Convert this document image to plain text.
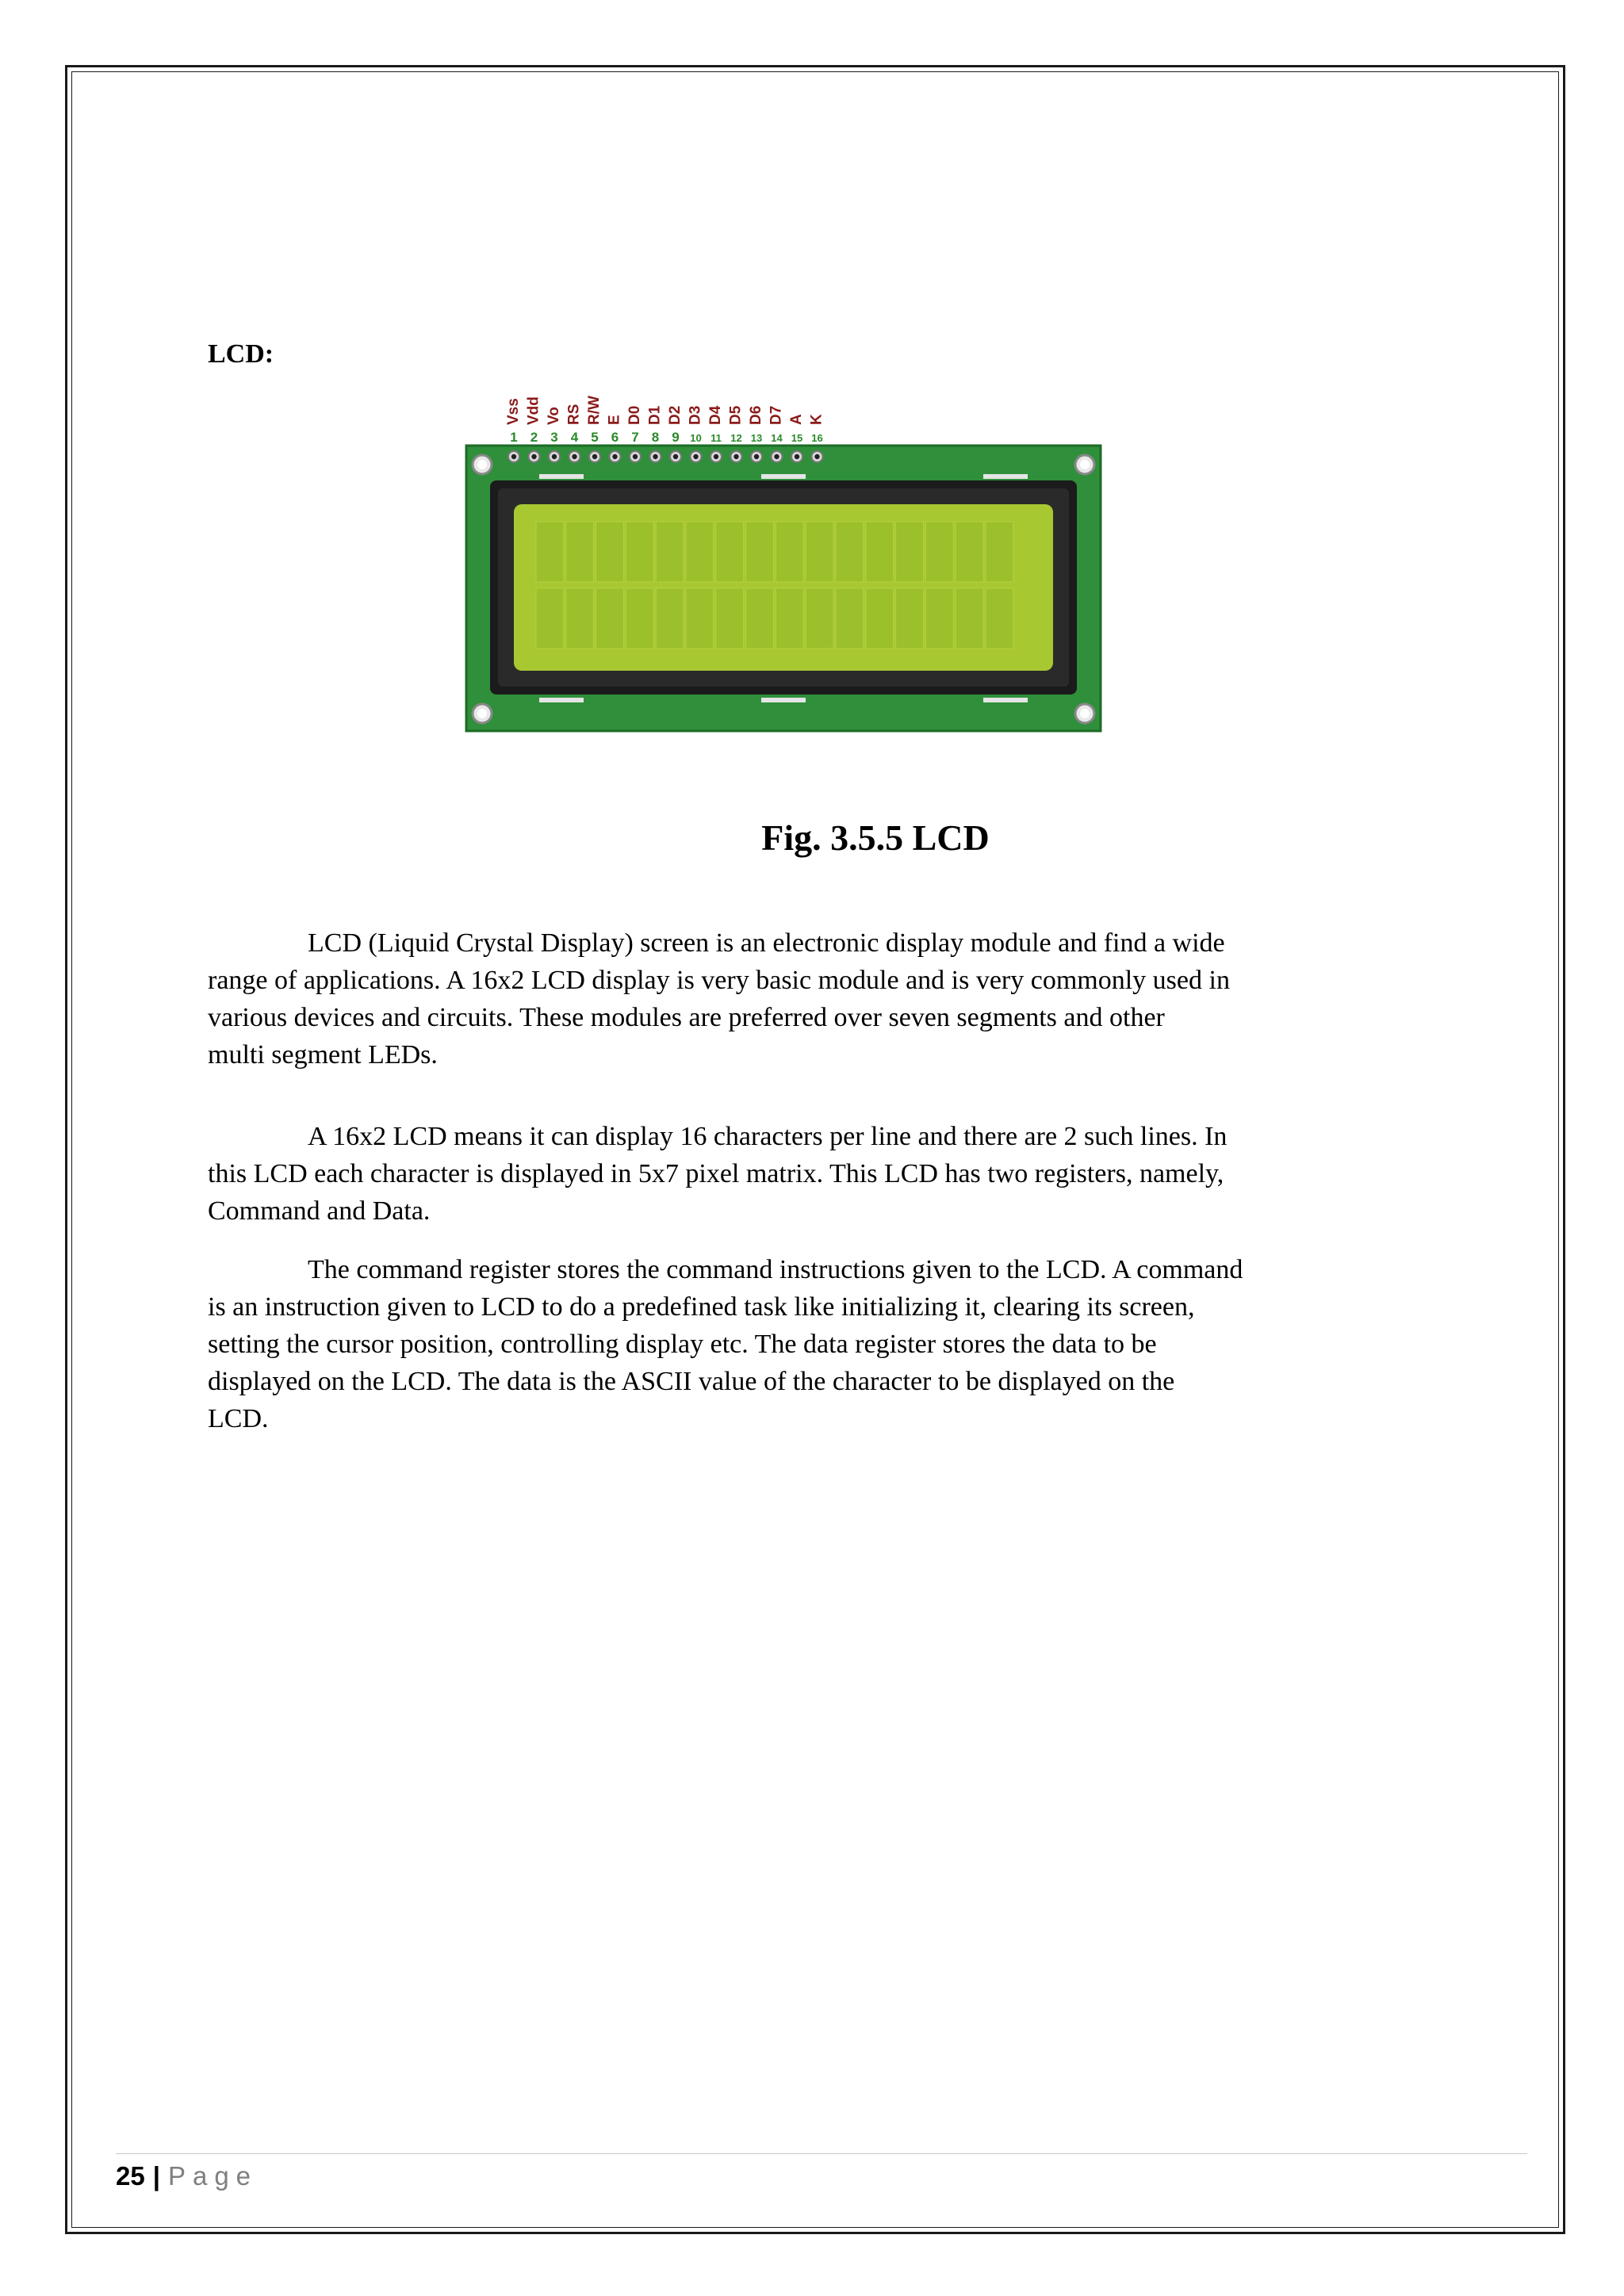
LCD:
Vss
1
Vdd
2
Vo
3
RS
4
R/W
5
E
6
D0
7
D1
8
D2
9
D3
10
D4
11
D5
12
D6
13
D7
14
A
15
K
16
Fig. 3.5.5 LCD
LCD (Liquid Crystal Display) screen is an electronic display module and find a wide
range of applications. A 16x2 LCD display is very basic module and is very commonly used in
various devices and circuits. These modules are preferred over seven segments and other
multi segment LEDs.
A 16x2 LCD means it can display 16 characters per line and there are 2 such lines. In
this LCD each character is displayed in 5x7 pixel matrix. This LCD has two registers, namely,
Command and Data.
The command register stores the command instructions given to the LCD. A command
is an instruction given to LCD to do a predefined task like initializing it, clearing its screen,
setting the cursor position, controlling display etc. The data register stores the data to be
displayed on the LCD. The data is the ASCII value of the character to be displayed on the
LCD.
25 | Page
